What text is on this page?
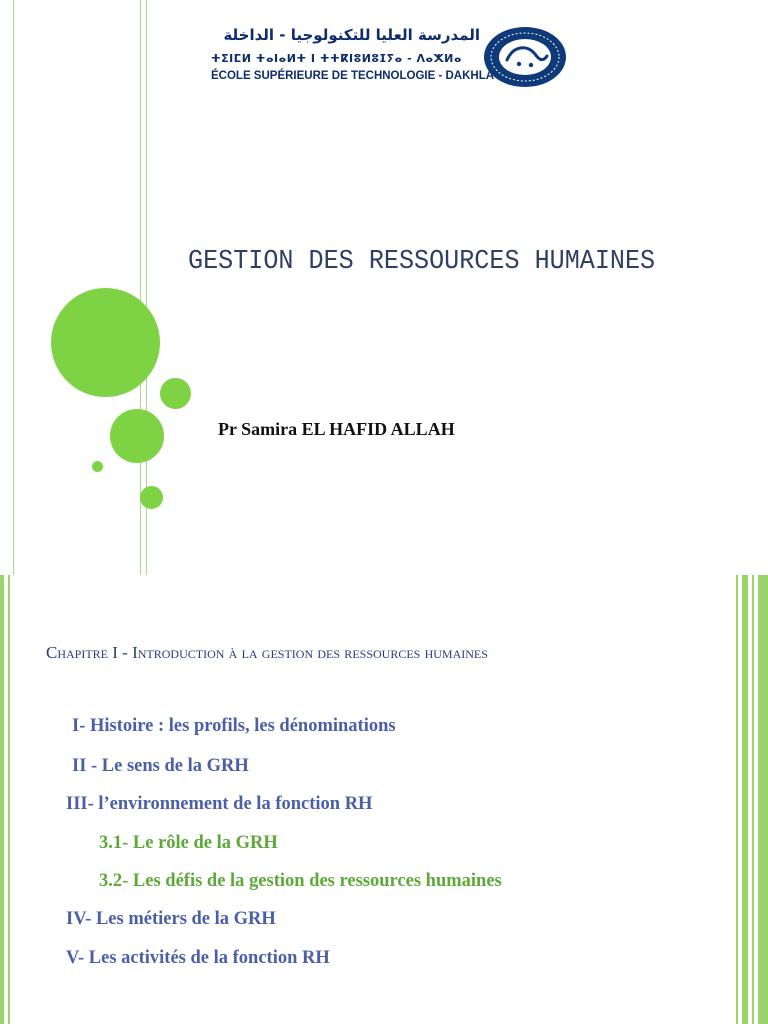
المدرسة العليا للتكنولوجيا - الداخلة
ⵜⵉⵏⵎⵍ ⵜⴰⵏⴰⵍⵜ ⵏ ⵜⵜⴽⵏⵓⵍⵓⵊⵢⴰ - ⴷⴰⵅⵍⴰ
ÉCOLE SUPÉRIEURE DE TECHNOLOGIE - DAKHLA
GESTION DES RESSOURCES HUMAINES
Pr Samira EL HAFID ALLAH
Chapitre I - Introduction à la gestion des ressources humaines
I- Histoire : les profils, les dénominations
II - Le sens de la GRH
III- l’environnement de la fonction RH
3.1- Le rôle de la GRH
3.2- Les défis de la gestion des ressources humaines
IV- Les métiers de la GRH
V- Les activités de la fonction RH
